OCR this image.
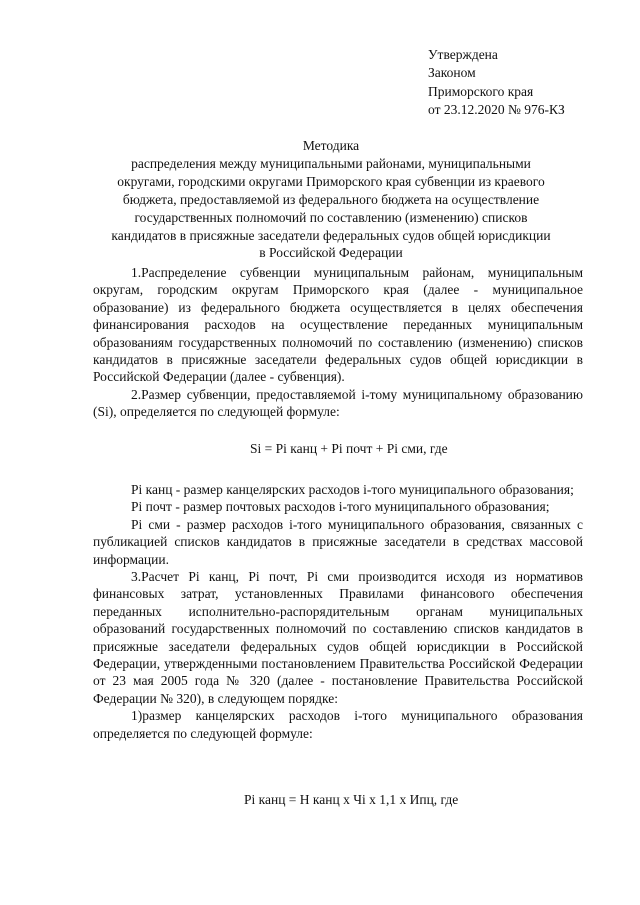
Утверждена
Законом
Приморского края
от 23.12.2020 № 976-КЗ
Методика
распределения между муниципальными районами, муниципальными
округами, городскими округами Приморского края субвенции из краевого
бюджета, предоставляемой из федерального бюджета на осуществление
государственных полномочий по составлению (изменению) списков
кандидатов в присяжные заседатели федеральных судов общей юрисдикции
в Российской Федерации

1.Распределение субвенции муниципальным районам, муниципальным округам, городским округам Приморского края (далее - муниципальное образование) из федерального бюджета осуществляется в целях обеспечения финансирования расходов на осуществление переданных муниципальным образованиям государственных полномочий по составлению (изменению) списков кандидатов в присяжные заседатели федеральных судов общей юрисдикции в Российской Федерации (далее - субвенция).

2.Размер субвенции, предоставляемой i-тому муниципальному образованию (Si), определяется по следующей формуле:

Si = Pi канц + Pi почт + Pi сми, где

Pi канц - размер канцелярских расходов i-того муниципального образования;

Pi почт - размер почтовых расходов i-того муниципального образования;

Pi сми - размер расходов i-того муниципального образования, связанных с публикацией списков кандидатов в присяжные заседатели в средствах массовой информации.

3.Расчет Pi канц, Pi почт, Pi сми производится исходя из нормативов финансовых затрат, установленных Правилами финансового обеспечения переданных исполнительно-распорядительным органам муниципальных образований государственных полномочий по составлению списков кандидатов в присяжные заседатели федеральных судов общей юрисдикции в Российской Федерации, утвержденными постановлением Правительства Российской Федерации от 23 мая 2005 года № 320 (далее - постановление Правительства Российской Федерации № 320), в следующем порядке:

1)размер канцелярских расходов i-того муниципального образования определяется по следующей формуле:

Pi канц = Н канц х Чi х 1,1 х Ипц, где
